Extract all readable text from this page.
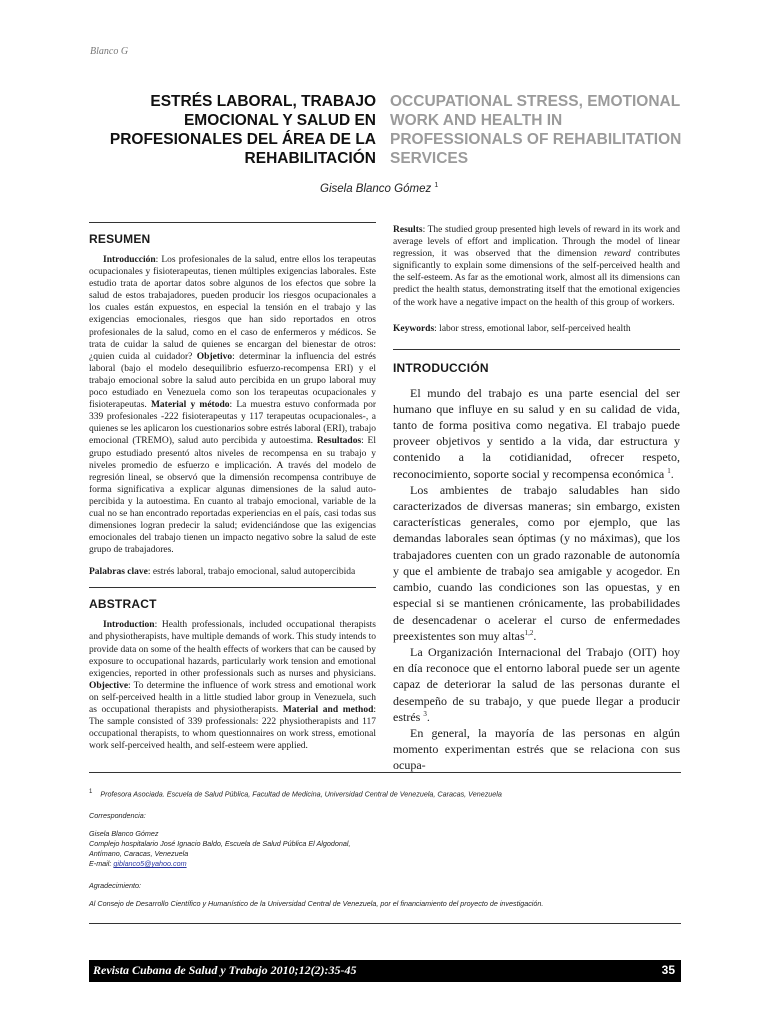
Blanco G
ESTRÉS LABORAL, TRABAJO EMOCIONAL Y SALUD EN PROFESIONALES DEL ÁREA DE LA REHABILITACIÓN
OCCUPATIONAL STRESS, EMOTIONAL WORK AND HEALTH IN PROFESSIONALS OF REHABILITATION SERVICES
Gisela Blanco Gómez $^1$
RESUMEN

Introducción: Los profesionales de la salud, entre ellos los terapeutas ocupacionales y fisioterapeutas, tienen múltiples exigencias laborales. Este estudio trata de aportar datos sobre algunos de los efectos que sobre la salud de estos trabajadores, pueden producir los riesgos ocupacionales a los cuales están expuestos, en especial la tensión en el trabajo y las exigencias emocionales, riesgos que han sido reportados en otros profesionales de la salud, como en el caso de enfermeros y médicos. Se trata de cuidar la salud de quienes se encargan del bienestar de otros: ¿quien cuida al cuidador? Objetivo: determinar la influencia del estrés laboral (bajo el modelo desequilibrio esfuerzo-recompensa ERI) y el trabajo emocional sobre la salud auto percibida en un grupo laboral muy poco estudiado en Venezuela como son los terapeutas ocupacionales y fisioterapeutas. Material y método: La muestra estuvo conformada por 339 profesionales -222 fisioterapeutas y 117 terapeutas ocupacionales-, a quienes se les aplicaron los cuestionarios sobre estrés laboral (ERI), trabajo emocional (TREMO), salud auto percibida y autoestima. Resultados: El grupo estudiado presentó altos niveles de recompensa en su trabajo y niveles promedio de esfuerzo e implicación. A través del modelo de regresión lineal, se observó que la dimensión recompensa contribuye de forma significativa a explicar algunas dimensiones de la salud auto-percibida y la autoestima. En cuanto al trabajo emocional, variable de la cual no se han encontrado reportadas experiencias en el país, casi todas sus dimensiones logran predecir la salud; evidenciándose que las exigencias emocionales del trabajo tienen un impacto negativo sobre la salud de este grupo de trabajadores.

Palabras clave: estrés laboral, trabajo emocional, salud autopercibida

ABSTRACT

Introduction: Health professionals, included occupational therapists and physiotherapists, have multiple demands of work. This study intends to provide data on some of the health effects of workers that can be caused by exposure to occupational hazards, particularly work tension and emotional exigencies, reported in other professionals such as nurses and physicians. Objective: To determine the influence of work stress and emotional work on self-perceived health in a little studied labor group in Venezuela, such as occupational therapists and physiotherapists. Material and method: The sample consisted of 339 professionals: 222 physiotherapists and 117 occupational therapists, to whom questionnaires on work stress, emotional work self-perceived health, and self-esteem were applied.

Results: The studied group presented high levels of reward in its work and average levels of effort and implication. Through the model of linear regression, it was observed that the dimension reward contributes significantly to explain some dimensions of the self-perceived health and the self-esteem. As far as the emotional work, almost all its dimensions can predict the health status, demonstrating itself that the emotional exigencies of the work have a negative impact on the health of this group of workers.

Keywords: labor stress, emotional labor, self-perceived health

INTRODUCCIÓN

El mundo del trabajo es una parte esencial del ser humano que influye en su salud y en su calidad de vida, tanto de forma positiva como negativa. El trabajo puede proveer objetivos y sentido a la vida, dar estructura y contenido a la cotidianidad, ofrecer respeto, reconocimiento, soporte social y recompensa económica $^1$.

Los ambientes de trabajo saludables han sido caracterizados de diversas maneras; sin embargo, existen características generales, como por ejemplo, que las demandas laborales sean óptimas (y no máximas), que los trabajadores cuenten con un grado razonable de autonomía y que el ambiente de trabajo sea amigable y acogedor. En cambio, cuando las condiciones son las opuestas, y en especial si se mantienen crónicamente, las probabilidades de desencadenar o acelerar el curso de enfermedades preexistentes son muy altas$^{1,2}$.

La Organización Internacional del Trabajo (OIT) hoy en día reconoce que el entorno laboral puede ser un agente capaz de deteriorar la salud de las personas durante el desempeño de su trabajo, y que puede llegar a producir estrés $^3$.

En general, la mayoría de las personas en algún momento experimentan estrés que se relaciona con sus ocupa-

$^1$ Profesora Asociada. Escuela de Salud Pública, Facultad de Medicina, Universidad Central de Venezuela, Caracas, Venezuela

Correspondencia:

Gisela Blanco Gómez

Complejo hospitalario José Ignacio Baldo, Escuela de Salud Pública El Algodonal,

Antímano, Caracas, Venezuela

E-mail: giblanco5@yahoo.com

Agradecimiento:

Al Consejo de Desarrollo Científico y Humanístico de la Universidad Central de Venezuela, por el financiamiento del proyecto de investigación.

Revista Cubana de Salud y Trabajo 2010;12(2):35-45	35
